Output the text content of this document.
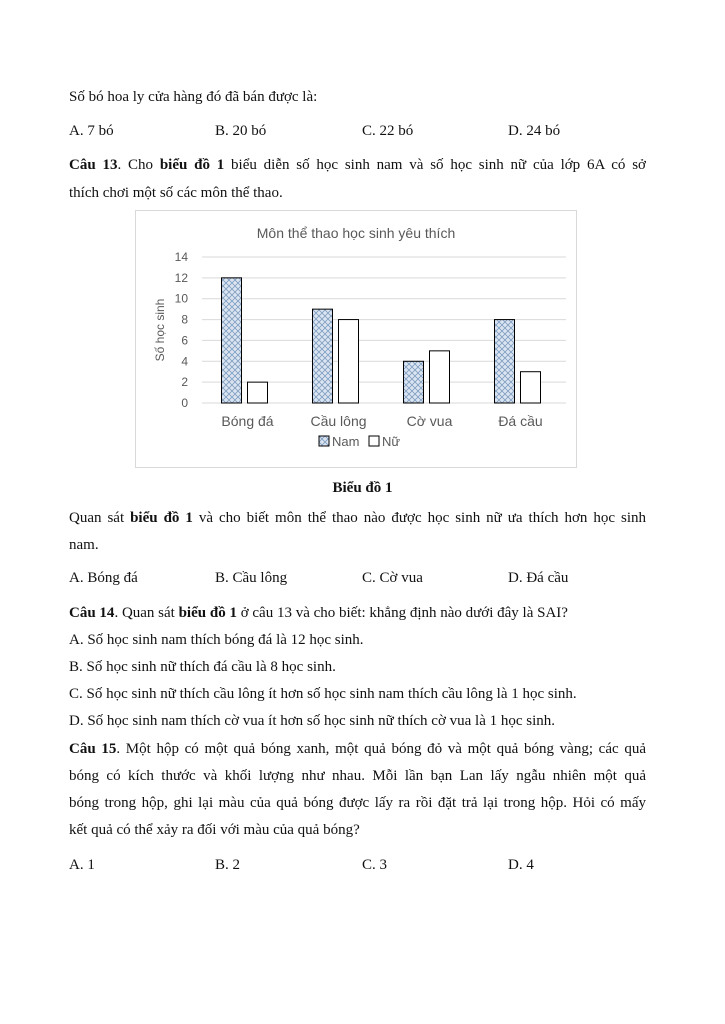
Số bó hoa ly cửa hàng đó đã bán được là:
A. 7 bó	B. 20 bó	C. 22 bó	D. 24 bó
Câu 13. Cho biểu đồ 1 biểu diễn số học sinh nam và số học sinh nữ của lớp 6A có sở
thích chơi một số các môn thể thao.
Môn thể thao học sinh yêu thích
0
2
4
6
8
10
12
14
Số học sinh
Bóng đá	Cầu lông	Cờ vua	Đá cầu
Nam Nữ
Biểu đồ 1
Quan sát biểu đồ 1 và cho biết môn thể thao nào được học sinh nữ ưa thích hơn học sinh
nam.
A. Bóng đá	B. Cầu lông	C. Cờ vua	D. Đá cầu
Câu 14. Quan sát biểu đồ 1 ở câu 13 và cho biết: khẳng định nào dưới đây là SAI?
A. Số học sinh nam thích bóng đá là 12 học sinh.
B. Số học sinh nữ thích đá cầu là 8 học sinh.
C. Số học sinh nữ thích cầu lông ít hơn số học sinh nam thích cầu lông là 1 học sinh.
D. Số học sinh nam thích cờ vua ít hơn số học sinh nữ thích cờ vua là 1 học sinh.
Câu 15. Một hộp có một quả bóng xanh, một quả bóng đỏ và một quả bóng vàng; các quả
bóng có kích thước và khối lượng như nhau. Mỗi lần bạn Lan lấy ngẫu nhiên một quả
bóng trong hộp, ghi lại màu của quả bóng được lấy ra rồi đặt trả lại trong hộp. Hỏi có mấy
kết quả có thể xảy ra đối với màu của quả bóng?
A. 1	B. 2	C. 3	D. 4
